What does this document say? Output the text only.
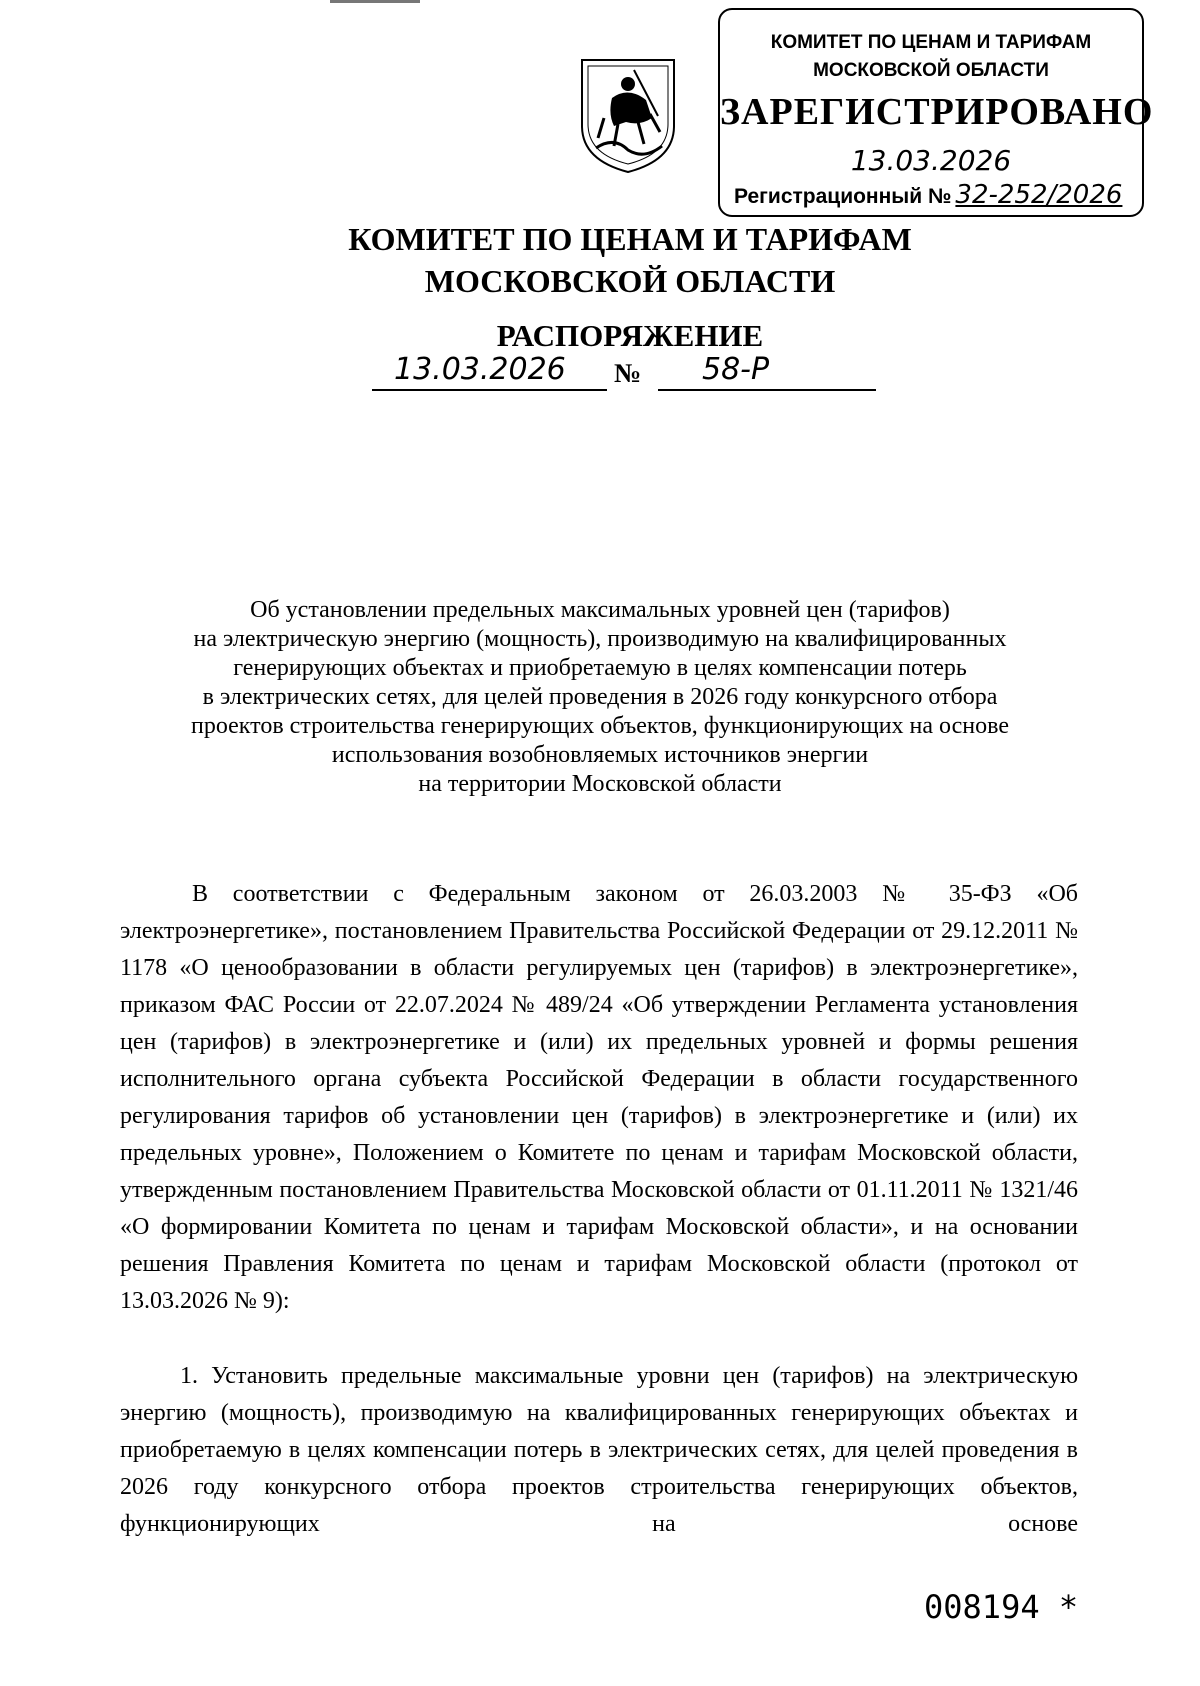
КОМИТЕТ ПО ЦЕНАМ И ТАРИФАМ
МОСКОВСКОЙ ОБЛАСТИ
ЗАРЕГИСТРИРОВАНО
13.03.2026
Регистрационный № 32-252/2026
КОМИТЕТ ПО ЦЕНАМ И ТАРИФАМ
МОСКОВСКОЙ ОБЛАСТИ
РАСПОРЯЖЕНИЕ
13.03.2026 № 58-Р
Об установлении предельных максимальных уровней цен (тарифов)
на электрическую энергию (мощность), производимую на квалифицированных
генерирующих объектах и приобретаемую в целях компенсации потерь
в электрических сетях, для целей проведения в 2026 году конкурсного отбора
проектов строительства генерирующих объектов, функционирующих на основе
использования возобновляемых источников энергии
на территории Московской области
В соответствии с Федеральным законом от 26.03.2003 № 35-ФЗ «Об электроэнергетике», постановлением Правительства Российской Федерации от 29.12.2011 № 1178 «О ценообразовании в области регулируемых цен (тарифов) в электроэнергетике», приказом ФАС России от 22.07.2024 № 489/24 «Об утверждении Регламента установления цен (тарифов) в электроэнергетике и (или) их предельных уровней и формы решения исполнительного органа субъекта Российской Федерации в области государственного регулирования тарифов об установлении цен (тарифов) в электроэнергетике и (или) их предельных уровне», Положением о Комитете по ценам и тарифам Московской области, утвержденным постановлением Правительства Московской области от 01.11.2011 № 1321/46 «О формировании Комитета по ценам и тарифам Московской области», и на основании решения Правления Комитета по ценам и тарифам Московской области (протокол от 13.03.2026 № 9):
1. Установить предельные максимальные уровни цен (тарифов) на электрическую энергию (мощность), производимую на квалифицированных генерирующих объектах и приобретаемую в целях компенсации потерь в электрических сетях, для целей проведения в 2026 году конкурсного отбора проектов строительства генерирующих объектов, функционирующих на основе
008194 *
